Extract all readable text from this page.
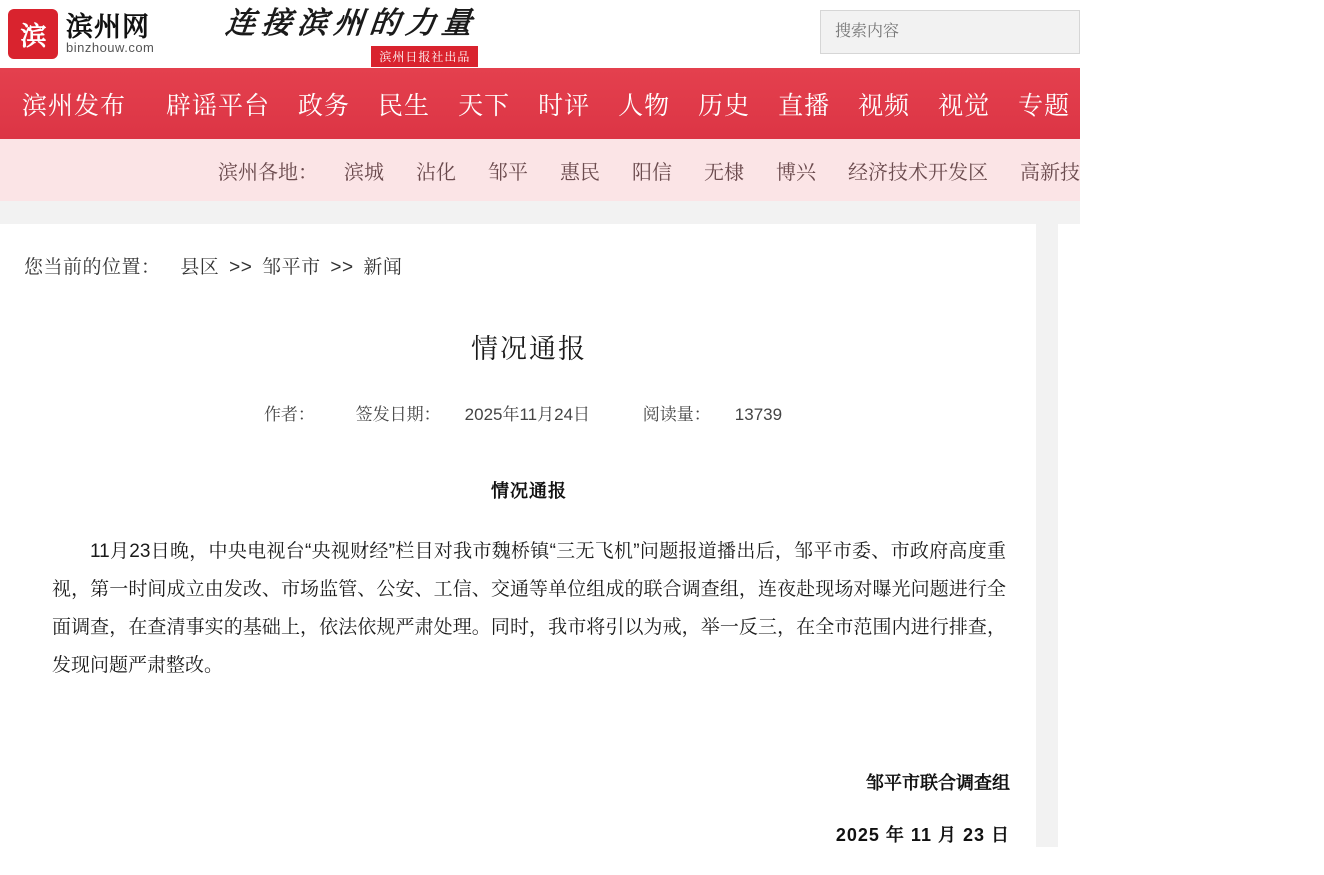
滨 滨州网
binzhouw.com
连接滨州的力量
滨州日报社出品
搜索内容
滨州发布	辟谣平台	政务	民生	天下	时评	人物	历史	直播	视频	视觉	专题	体育	教育	健康
滨州各地：	滨城	沾化	邹平	惠民	阳信	无棣	博兴	经济技术开发区	高新技
您当前的位置： 县区 >> 邹平市 >> 新闻
情况通报
作者： 签发日期： 2025年11月24日	阅读量： 13739
情况通报
11月23日晚，中央电视台“央视财经”栏目对我市魏桥镇“三无飞机”问题报道播出后，邹平市委、市政府高度重视，第一时间成立由发改、市场监管、公安、工信、交通等单位组成的联合调查组，连夜赴现场对曝光问题进行全面调查，在查清事实的基础上，依法依规严肃处理。同时，我市将引以为戒，举一反三，在全市范围内进行排查，发现问题严肃整改。
邹平市联合调查组
2025 年 11 月 23 日
